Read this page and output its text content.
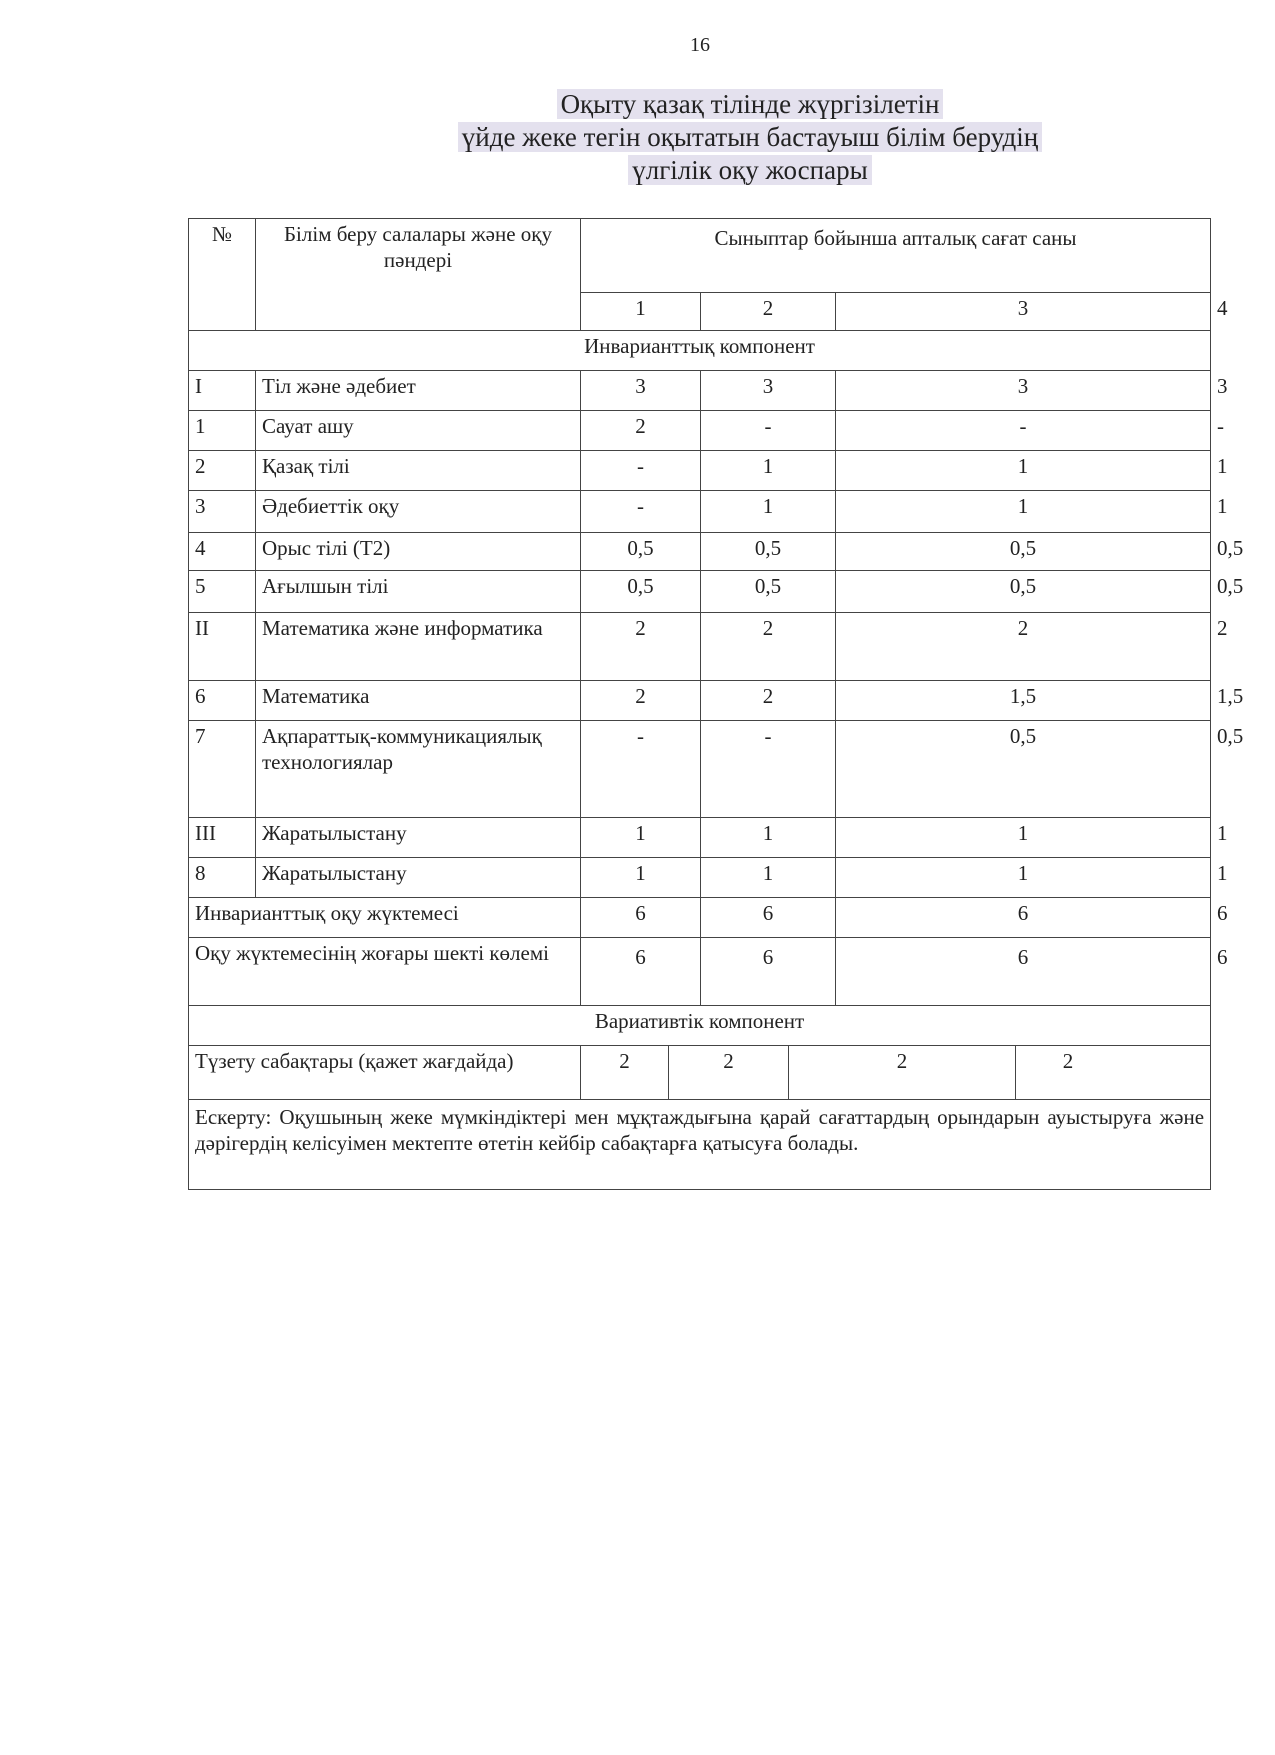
16
Оқыту қазақ тілінде жүргізілетін
үйде жеке тегін оқытатын бастауыш білім берудің
үлгілік оқу жоспары
№	Білім беру салалары және оқу пәндері	Сыныптар бойынша апталық сағат саны						
		1		2		3		4
Инварианттық компонент								
I	Тіл және әдебиет	3		3		3		3
1	Сауат ашу	2		-		-		-
2	Қазақ тілі	-		1		1		1
3	Әдебиеттік оқу	-		1		1		1
4	Орыс тілі (Т2)	0,5		0,5		0,5		0,5
5	Ағылшын тілі	0,5		0,5		0,5		0,5
II	Математика және информатика	2		2		2		2
6	Математика	2		2		1,5		1,5
7	Ақпараттық-коммуникациялық технологиялар	-		-		0,5		0,5
III	Жаратылыстану	1		1		1		1
8	Жаратылыстану	1		1		1		1
Инварианттық оқу жүктемесі		6		6		6		6
Оқу жүктемесінің жоғары шекті көлемі		6		6		6		6
Вариативтік компонент								
Түзету сабақтары (қажет жағдайда)		2	2		2		2	

Ескерту: Оқушының жеке мүмкіндіктері мен мұқтаждығына қарай сағаттардың орындарын ауыстыруға және дәрігердің келісуімен мектепте өтетін кейбір сабақтарға қатысуға болады.								
